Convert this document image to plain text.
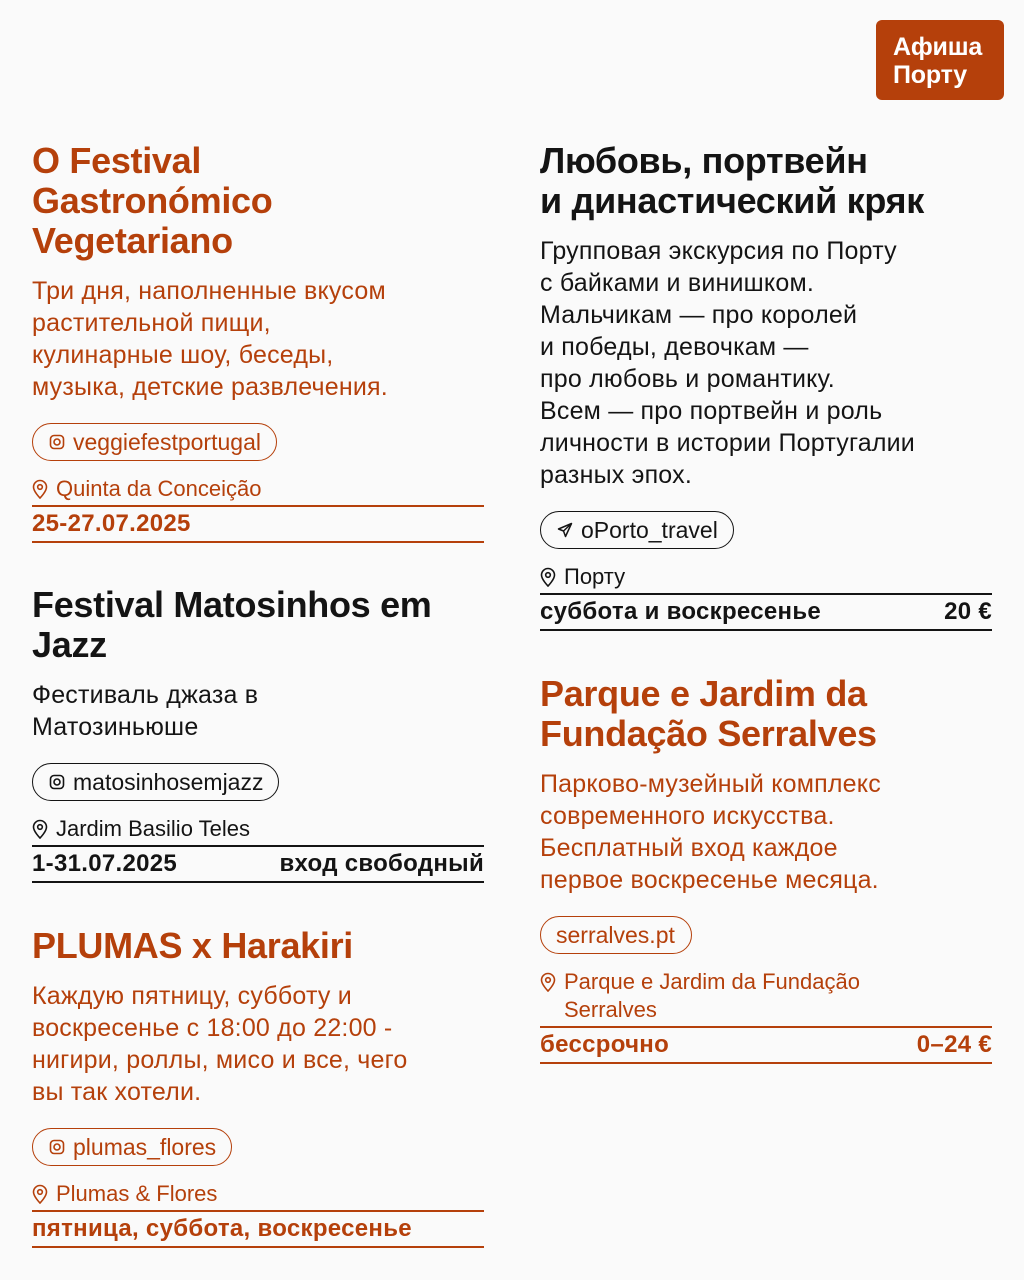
Афиша
Порту
O Festival
Gastronómico
Vegetariano
Три дня, наполненные вкусом
растительной пищи,
кулинарные шоу, беседы,
музыка, детские развлечения.
veggiefestportugal
Quinta da Conceição
25-27.07.2025
Festival Matosinhos em
Jazz
Фестиваль джаза в
Матозиньюше
matosinhosemjazz
Jardim Basilio Teles
1-31.07.2025	вход свободный
PLUMAS x Harakiri
Каждую пятницу, субботу и
воскресенье с 18:00 до 22:00 -
нигири, роллы, мисо и все, чего
вы так хотели.
plumas_flores
Plumas & Flores
пятница, суббота, воскресенье
Любовь, портвейн
и династический кряк
Групповая экскурсия по Порту
с байками и винишком.
Мальчикам — про королей
и победы, девочкам —
про любовь и романтику.
Всем — про портвейн и роль
личности в истории Португалии
разных эпох.
oPorto_travel
Порту
суббота и воскресенье	20 €
Parque e Jardim da
Fundação Serralves
Парково-музейный комплекс
современного искусства.
Бесплатный вход каждое
первое воскресенье месяца.
serralves.pt
Parque e Jardim da Fundação
Serralves
бессрочно	0–24 €
